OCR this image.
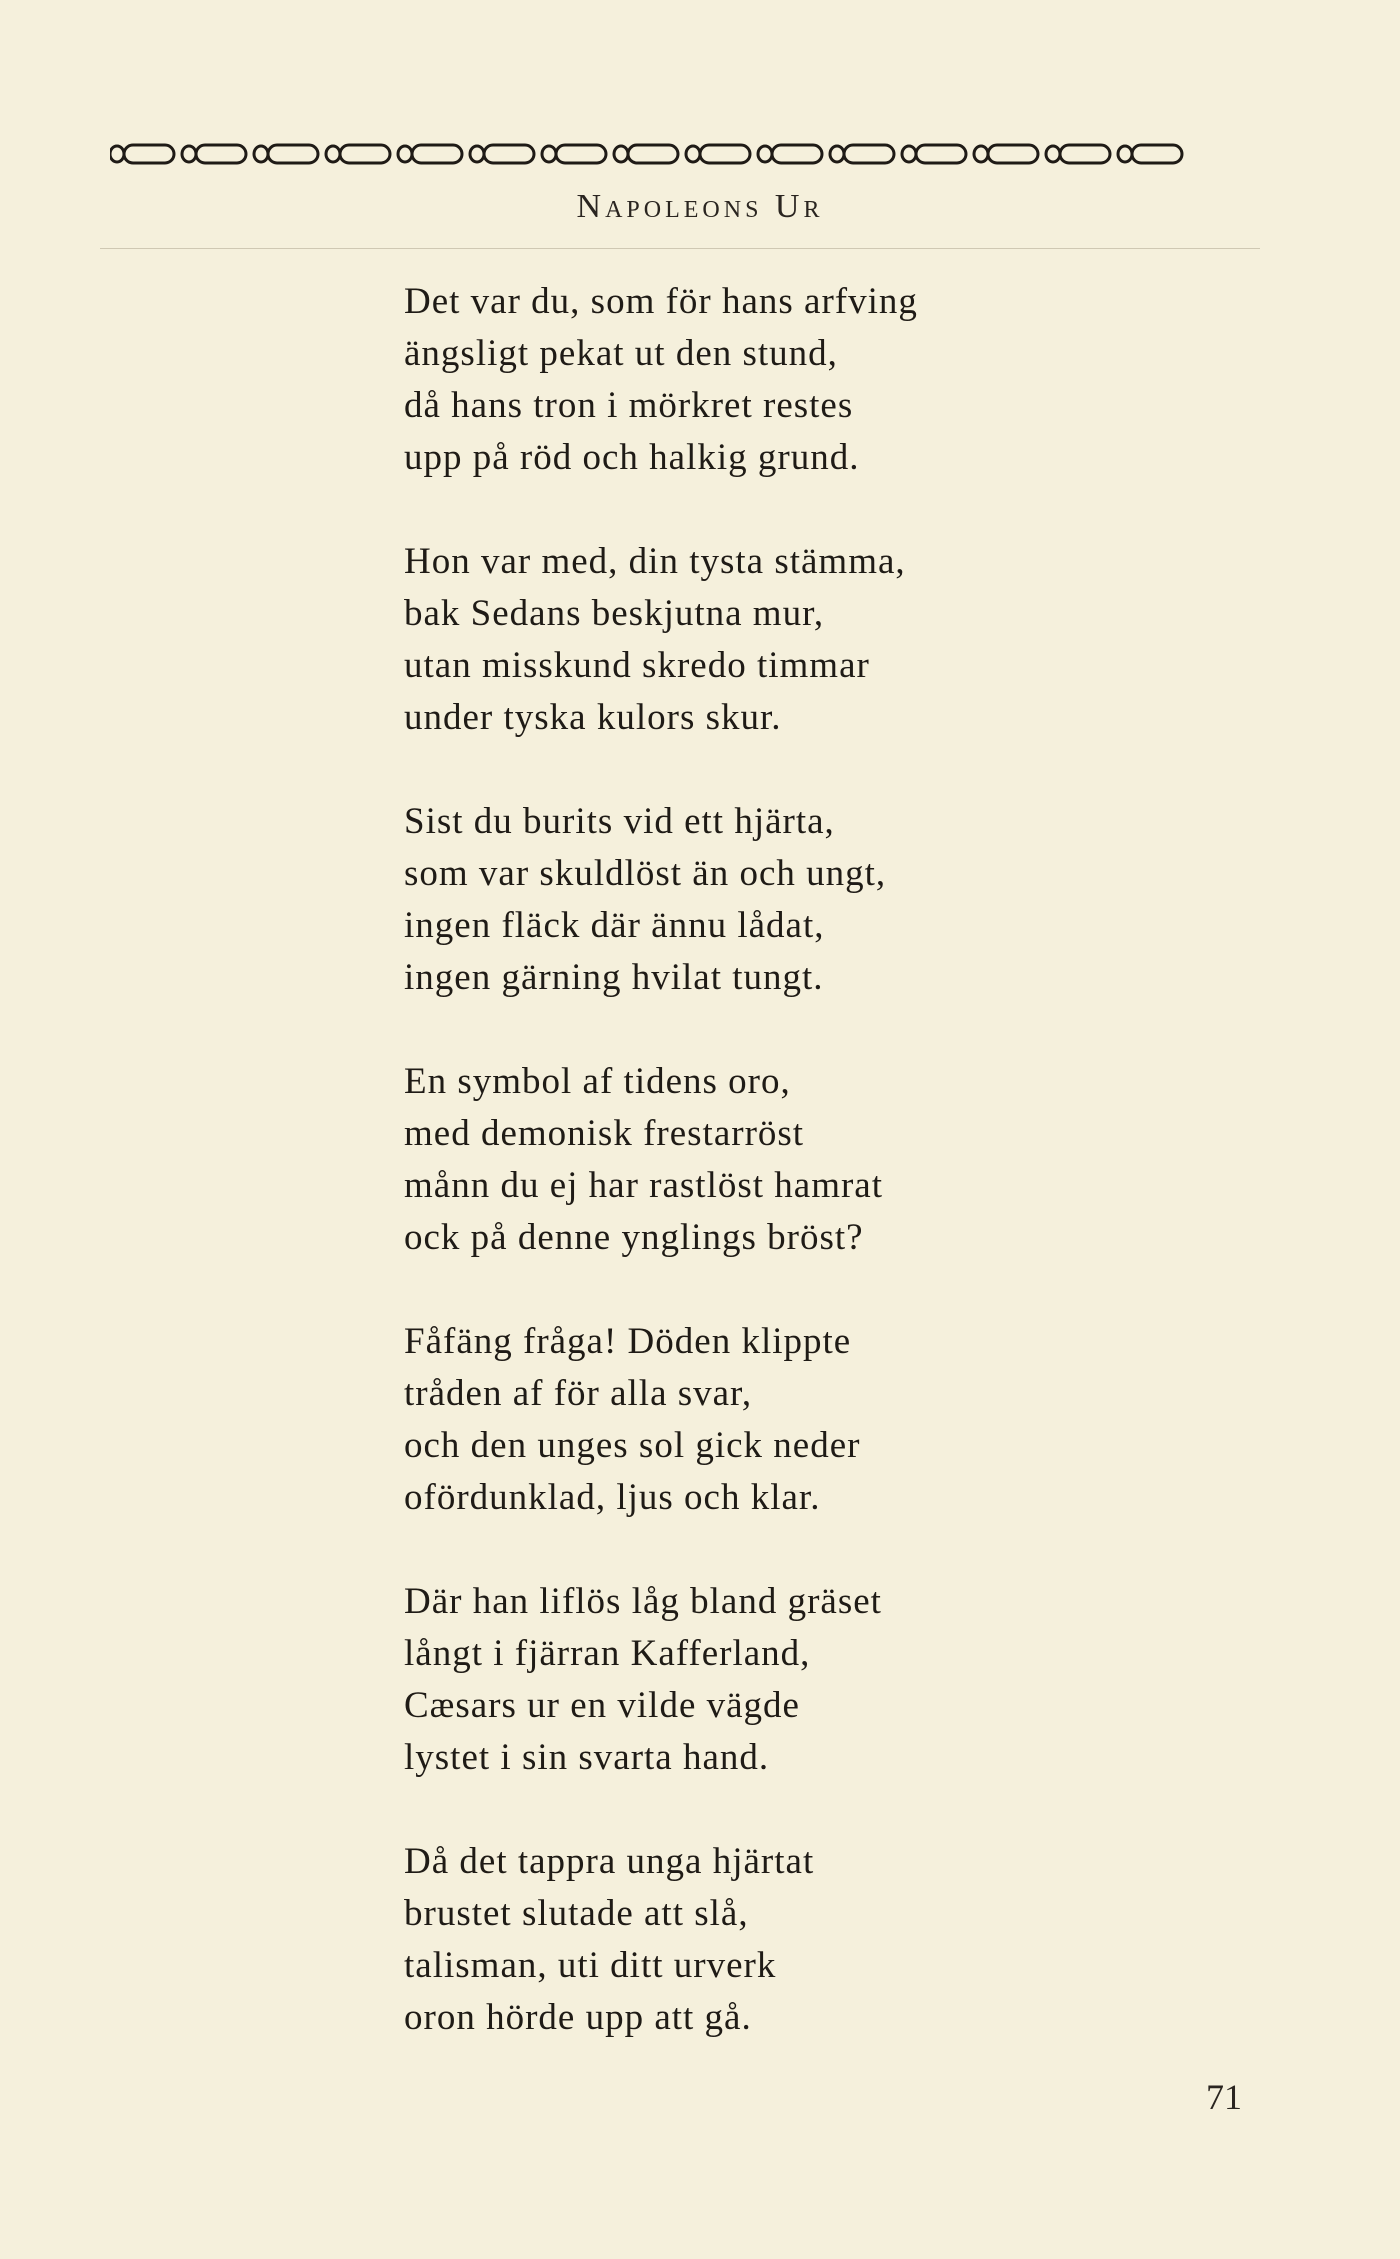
Napoleons Ur
Det var du, som för hans arfving
ängsligt pekat ut den stund,
då hans tron i mörkret restes
upp på röd och halkig grund.
Hon var med, din tysta stämma,
bak Sedans beskjutna mur,
utan misskund skredo timmar
under tyska kulors skur.
Sist du burits vid ett hjärta,
som var skuldlöst än och ungt,
ingen fläck där ännu lådat,
ingen gärning hvilat tungt.
En symbol af tidens oro,
med demonisk frestarröst
månn du ej har rastlöst hamrat
ock på denne ynglings bröst?
Fåfäng fråga! Döden klippte
tråden af för alla svar,
och den unges sol gick neder
ofördunklad, ljus och klar.
Där han liflös låg bland gräset
långt i fjärran Kafferland,
Cæsars ur en vilde vägde
lystet i sin svarta hand.
Då det tappra unga hjärtat
brustet slutade att slå,
talisman, uti ditt urverk
oron hörde upp att gå.
71
